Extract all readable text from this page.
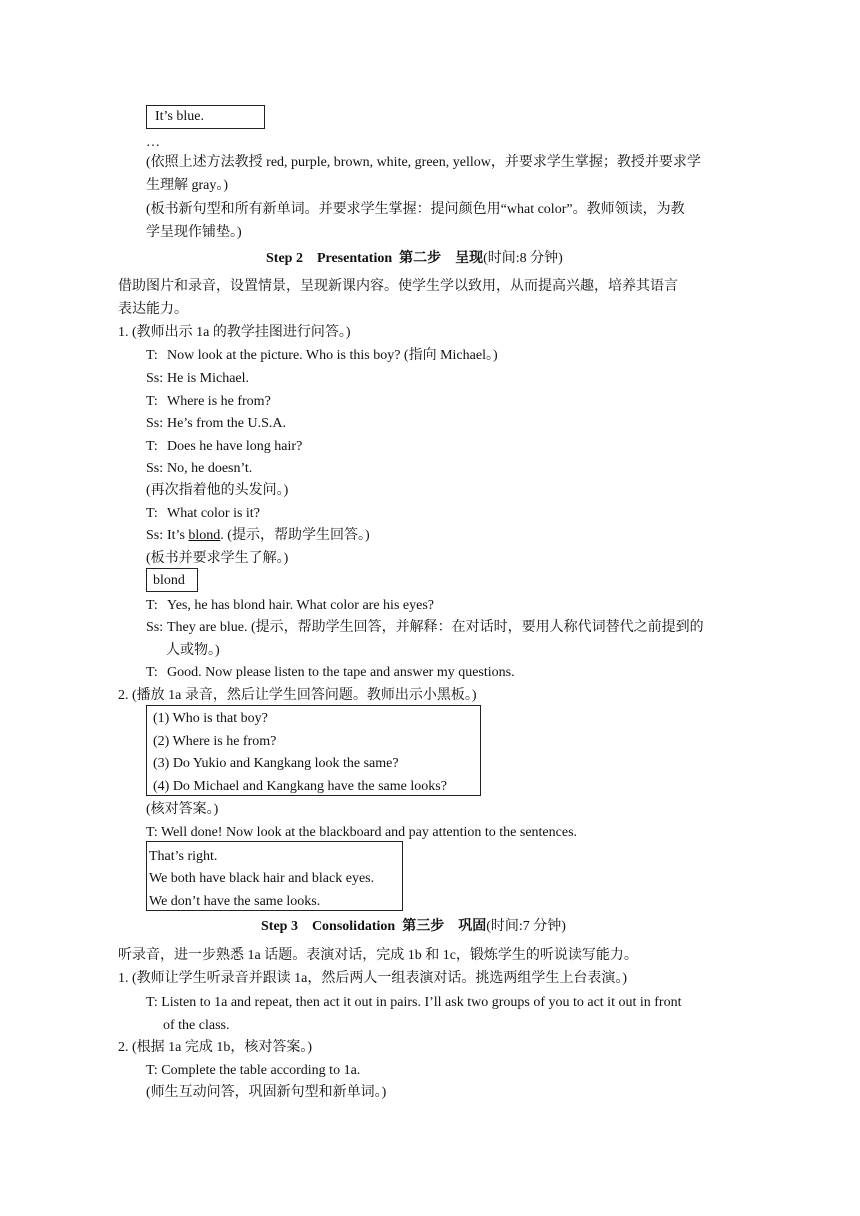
It’s blue.
…
(依照上述方法教授 red, purple, brown, white, green, yellow，并要求学生掌握；教授并要求学
生理解 gray。)
(板书新句型和所有新单词。并要求学生掌握：提问颜色用“what color”。教师领读，为教
学呈现作铺垫。)
Step 2    Presentation  第二步    呈现(时间:8 分钟)
借助图片和录音，设置情景，呈现新课内容。使学生学以致用，从而提高兴趣，培养其语言
表达能力。
1. (教师出示 1a 的教学挂图进行问答。)
T: Now look at the picture. Who is this boy? (指向 Michael。)
Ss: He is Michael.
T: Where is he from?
Ss: He’s from the U.S.A.
T: Does he have long hair?
Ss: No, he doesn’t.
(再次指着他的头发问。)
T: What color is it?
Ss: It’s blond. (提示，帮助学生回答。)
(板书并要求学生了解。)
blond
T: Yes, he has blond hair. What color are his eyes?
Ss: They are blue. (提示，帮助学生回答，并解释：在对话时，要用人称代词替代之前提到的
人或物。)
T: Good. Now please listen to the tape and answer my questions.
2. (播放 1a 录音，然后让学生回答问题。教师出示小黑板。)
(1) Who is that boy?
(2) Where is he from?
(3) Do Yukio and Kangkang look the same?
(4) Do Michael and Kangkang have the same looks?
(核对答案。)
T: Well done! Now look at the blackboard and pay attention to the sentences.
That’s right.
We both have black hair and black eyes.
We don’t have the same looks.
Step 3    Consolidation  第三步    巩固(时间:7 分钟)
听录音，进一步熟悉 1a 话题。表演对话，完成 1b 和 1c，锻炼学生的听说读写能力。
1. (教师让学生听录音并跟读 1a，然后两人一组表演对话。挑选两组学生上台表演。)
T: Listen to 1a and repeat, then act it out in pairs. I’ll ask two groups of you to act it out in front
of the class.
2. (根据 1a 完成 1b，核对答案。)
T: Complete the table according to 1a.
(师生互动问答，巩固新句型和新单词。)
